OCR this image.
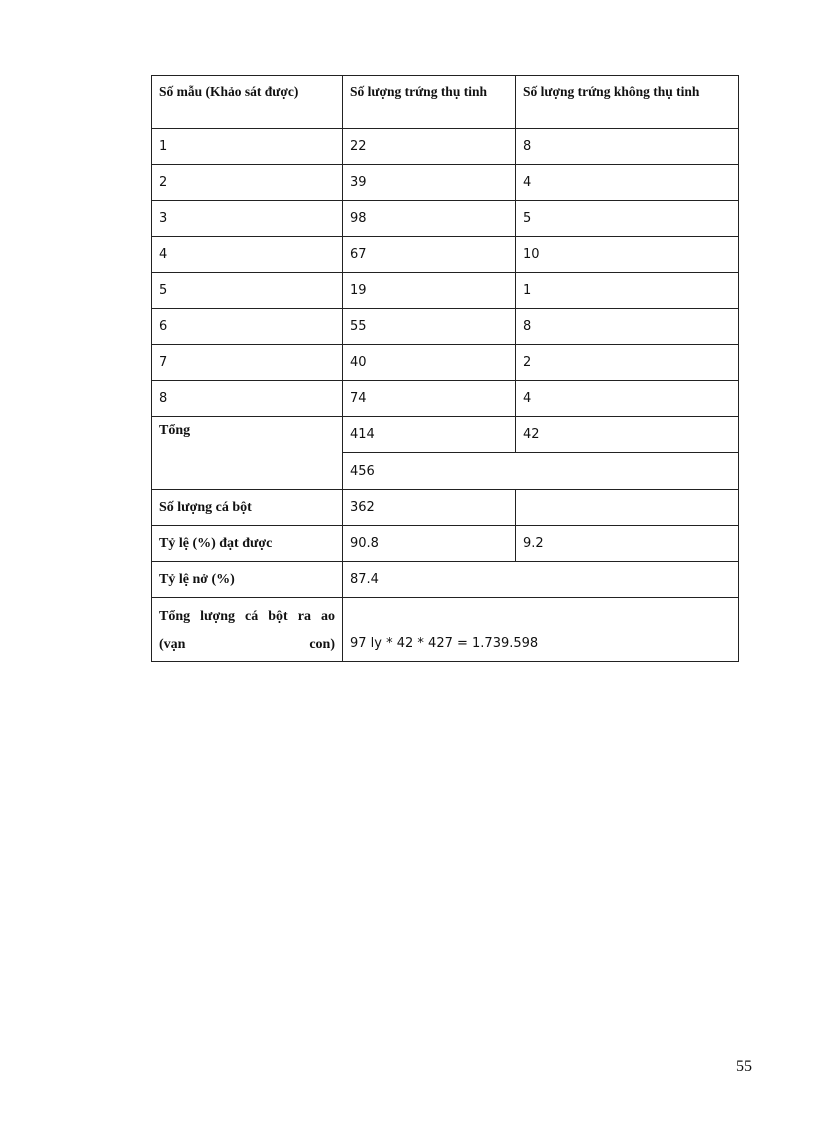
Số mẫu (Khảo sát được)	Số lượng trứng thụ tinh	Số lượng trứng không thụ tinh
1	22	8
2	39	4
3	98	5
4	67	10
5	19	1
6	55	8
7	40	2
8	74	4
Tổng	414	42
	456	
Số lượng cá bột	362	
Tỷ lệ (%) đạt được	90.8	9.2
Tỷ lệ nở (%)	87.4	

Tổng lượng cá bột ra ao
(vạn con)	97 ly * 42 * 427 = 1.739.598	
55
